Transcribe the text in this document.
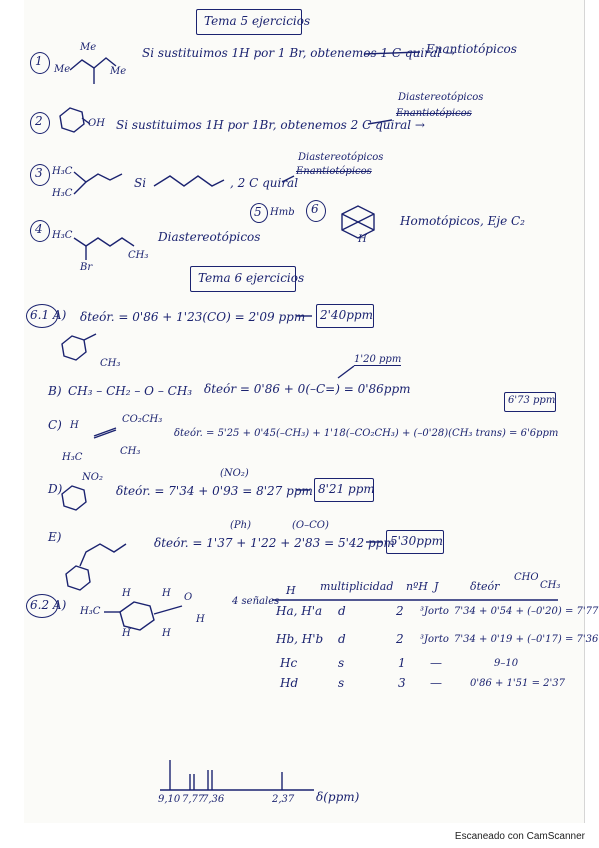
Tema 5 ejercicios
1
Me
Me
Me
Si sustituimos 1H por 1 Br, obtenemos 1 C quiral →
Enantiotópicos
2	OH Si sustituimos 1H por 1Br, obtenemos 2 C quiral →
Diastereotópicos
Enantiotópicos
3 H₃C
H₃C
Si	, 2 C quiral
Diastereotópicos
Enantiotópicos
4 H₃C
Br
CH₃
Diastereotópicos
5 Hmb 6
H
Homotópicos, Eje C₂
Tema 6 ejercicios
6.1 A) δteór. = 0'86 + 1'23(CO) = 2'09 ppm 2'40ppm
CH₃
B) CH₃ – CH₂ – O – CH₃ δteór = 0'86 + 0(–C=) = 0'86ppm
1'20 ppm
C) H
CO₂CH₃
H₃C
CH₃
δteór. = 5'25 + 0'45(–CH₃) + 1'18(–CO₂CH₃) + (–0'28)(CH₃ trans) = 6'6ppm
6'73 ppm
D)
NO₂	(NO₂)
δteór. = 7'34 + 0'93 = 8'27 ppm 8'21 ppm
E)
(Ph)	(O–CO)
δteór. = 1'37 + 1'22 + 2'83 = 5'42 ppm
5'30ppm
6.2 A) H₃C
H	H
H	H
O
H
4 señales
H multiplicidad nºH J	δteór
CHO
CH₃
Ha, H'a d	2 ³Jorto 7'34 + 0'54 + (–0'20) = 7'77
Hb, H'b d	2 ³Jorto 7'34 + 0'19 + (–0'17) = 7'36
Hc	s	1 —	9–10
Hd	s	3 —	0'86 + 1'51 = 2'37
9,10 7,77
7,36	2,37 δ(ppm)
Escaneado con CamScanner
